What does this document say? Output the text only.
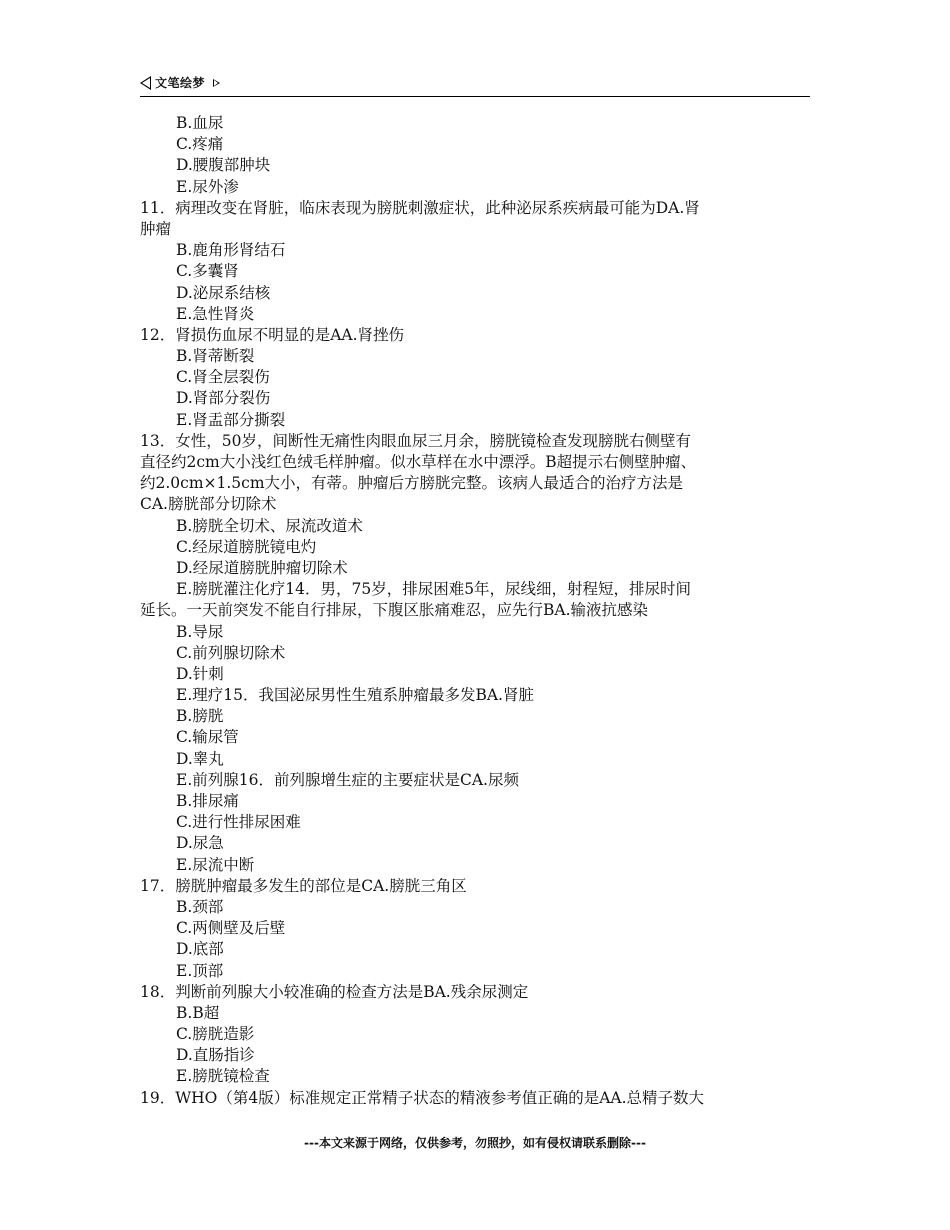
文笔绘梦
B.血尿
C.疼痛
D.腰腹部肿块
E.尿外渗
11．病理改变在肾脏，临床表现为膀胱刺激症状，此种泌尿系疾病最可能为DA.肾
肿瘤
B.鹿角形肾结石
C.多囊肾
D.泌尿系结核
E.急性肾炎
12．肾损伤血尿不明显的是AA.肾挫伤
B.肾蒂断裂
C.肾全层裂伤
D.肾部分裂伤
E.肾盂部分撕裂
13．女性，50岁，间断性无痛性肉眼血尿三月余，膀胱镜检查发现膀胱右侧壁有
直径约2cm大小浅红色绒毛样肿瘤。似水草样在水中漂浮。B超提示右侧壁肿瘤、
约2.0cm×1.5cm大小，有蒂。肿瘤后方膀胱完整。该病人最适合的治疗方法是
CA.膀胱部分切除术
B.膀胱全切术、尿流改道术
C.经尿道膀胱镜电灼
D.经尿道膀胱肿瘤切除术
E.膀胱灌注化疗14．男，75岁，排尿困难5年，尿线细，射程短，排尿时间
延长。一天前突发不能自行排尿，下腹区胀痛难忍，应先行BA.输液抗感染
B.导尿
C.前列腺切除术
D.针刺
E.理疗15．我国泌尿男性生殖系肿瘤最多发BA.肾脏
B.膀胱
C.输尿管
D.睾丸
E.前列腺16．前列腺增生症的主要症状是CA.尿频
B.排尿痛
C.进行性排尿困难
D.尿急
E.尿流中断
17．膀胱肿瘤最多发生的部位是CA.膀胱三角区
B.颈部
C.两侧壁及后壁
D.底部
E.顶部
18．判断前列腺大小较准确的检查方法是BA.残余尿测定
B.B超
C.膀胱造影
D.直肠指诊
E.膀胱镜检查
19．WHO（第4版）标准规定正常精子状态的精液参考值正确的是AA.总精子数大
---本文来源于网络，仅供参考，勿照抄，如有侵权请联系删除---
